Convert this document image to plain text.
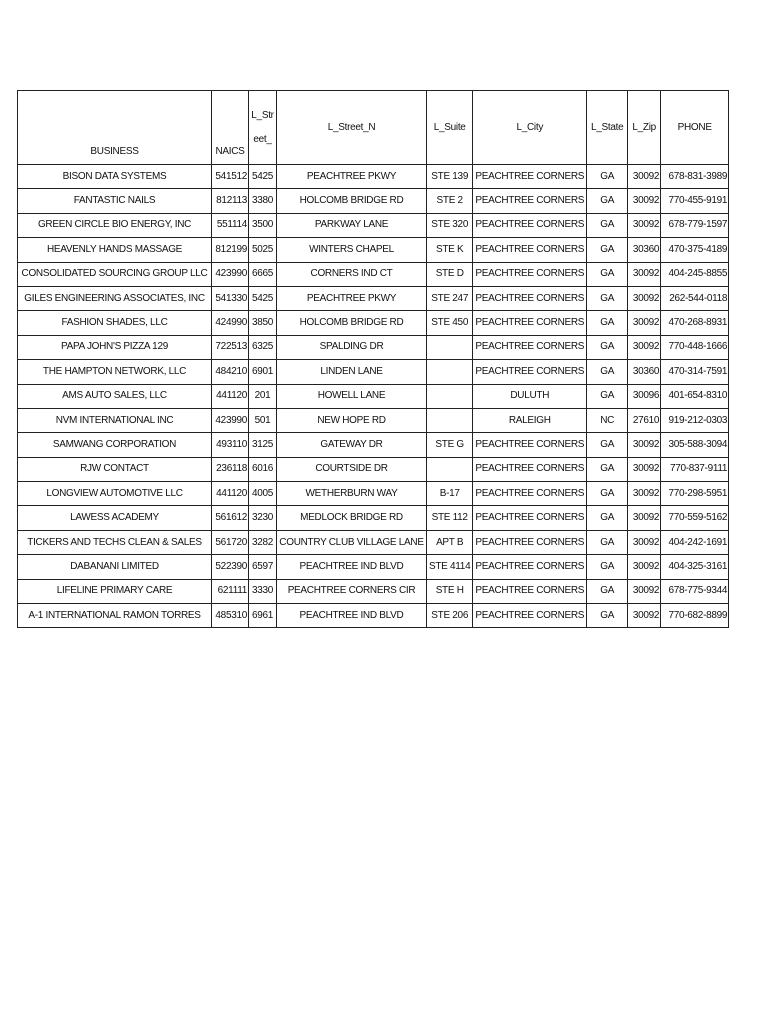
BUSINESS	NAICS	L_Street_	L_Street_N	L_Suite	L_City	L_State	L_Zip	PHONE
BISON DATA SYSTEMS	541512	5425	PEACHTREE PKWY	STE 139	PEACHTREE CORNERS	GA	30092	678-831-3989
FANTASTIC NAILS	812113	3380	HOLCOMB BRIDGE RD	STE 2	PEACHTREE CORNERS	GA	30092	770-455-9191
GREEN CIRCLE BIO ENERGY, INC	551114	3500	PARKWAY LANE	STE 320	PEACHTREE CORNERS	GA	30092	678-779-1597
HEAVENLY HANDS MASSAGE	812199	5025	WINTERS CHAPEL	STE K	PEACHTREE CORNERS	GA	30360	470-375-4189
CONSOLIDATED SOURCING GROUP LLC	423990	6665	CORNERS IND CT	STE D	PEACHTREE CORNERS	GA	30092	404-245-8855
GILES ENGINEERING ASSOCIATES, INC	541330	5425	PEACHTREE PKWY	STE 247	PEACHTREE CORNERS	GA	30092	262-544-0118
FASHION SHADES, LLC	424990	3850	HOLCOMB BRIDGE RD	STE 450	PEACHTREE CORNERS	GA	30092	470-268-8931
PAPA JOHN'S PIZZA 129	722513	6325	SPALDING DR		PEACHTREE CORNERS	GA	30092	770-448-1666
THE HAMPTON NETWORK, LLC	484210	6901	LINDEN LANE		PEACHTREE CORNERS	GA	30360	470-314-7591
AMS AUTO SALES, LLC	441120	201	HOWELL LANE		DULUTH	GA	30096	401-654-8310
NVM INTERNATIONAL INC	423990	501	NEW HOPE RD		RALEIGH	NC	27610	919-212-0303
SAMWANG CORPORATION	493110	3125	GATEWAY DR	STE G	PEACHTREE CORNERS	GA	30092	305-588-3094
RJW CONTACT	236118	6016	COURTSIDE DR		PEACHTREE CORNERS	GA	30092	770-837-9111
LONGVIEW AUTOMOTIVE LLC	441120	4005	WETHERBURN WAY	B-17	PEACHTREE CORNERS	GA	30092	770-298-5951
LAWESS ACADEMY	561612	3230	MEDLOCK BRIDGE RD	STE 112	PEACHTREE CORNERS	GA	30092	770-559-5162
TICKERS AND TECHS CLEAN & SALES	561720	3282	COUNTRY CLUB VILLAGE LANE	APT B	PEACHTREE CORNERS	GA	30092	404-242-1691
DABANANI LIMITED	522390	6597	PEACHTREE IND BLVD	STE 4114	PEACHTREE CORNERS	GA	30092	404-325-3161
LIFELINE PRIMARY CARE	621111	3330	PEACHTREE CORNERS CIR	STE H	PEACHTREE CORNERS	GA	30092	678-775-9344
A-1 INTERNATIONAL RAMON TORRES	485310	6961	PEACHTREE IND BLVD	STE 206	PEACHTREE CORNERS	GA	30092	770-682-8899
